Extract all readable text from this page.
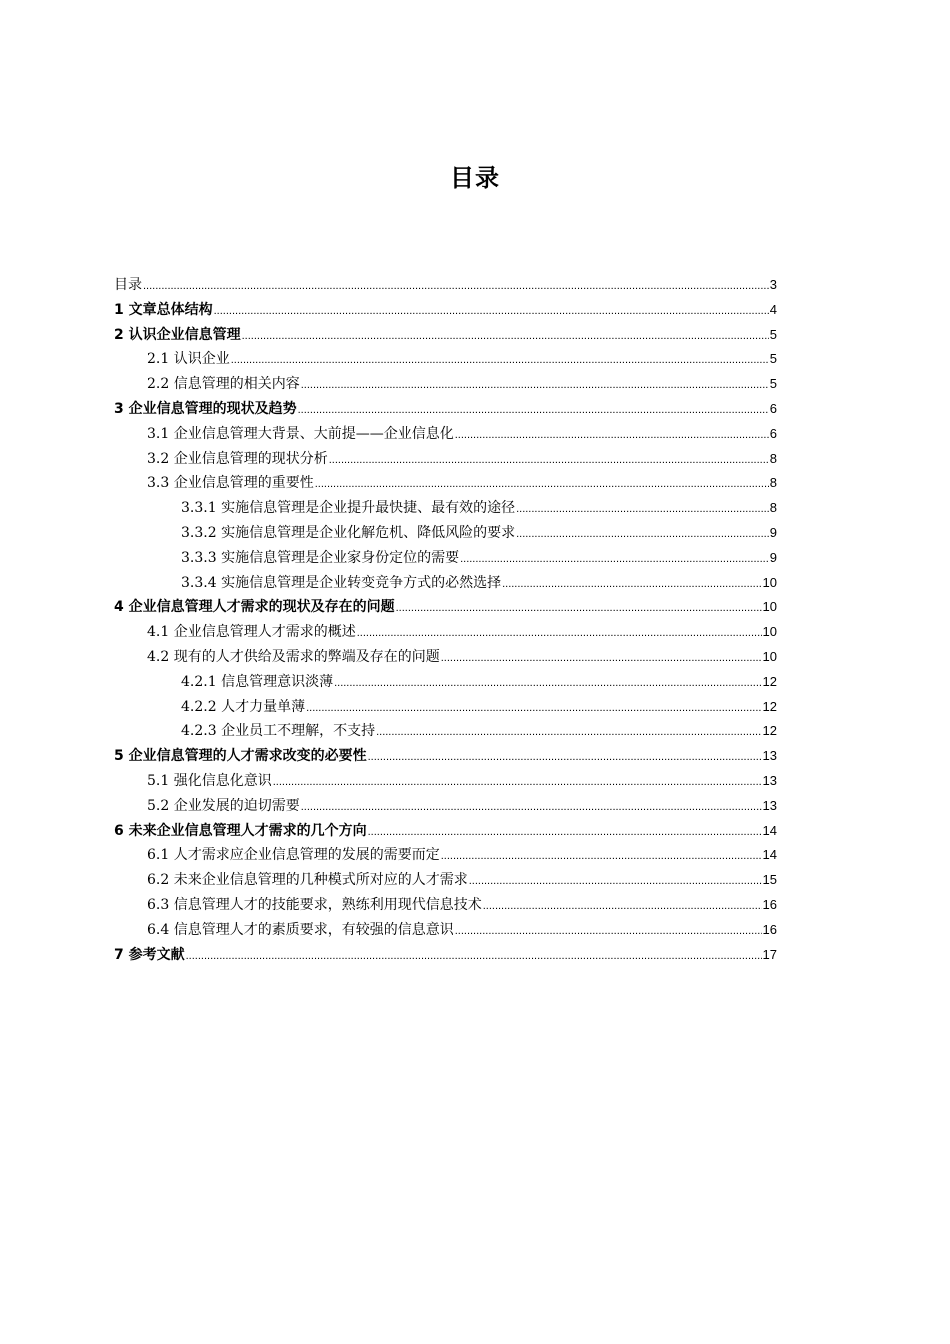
目录
目录 .....	3
1 文章总体结构 .....	4
2 认识企业信息管理 .....	5
2.1 认识企业 .....	5
2.2 信息管理的相关内容 .....	5
3 企业信息管理的现状及趋势 .....	6
3.1 企业信息管理大背景、大前提——企业信息化 .....	6
3.2 企业信息管理的现状分析 .....	8
3.3 企业信息管理的重要性 .....	8
3.3.1 实施信息管理是企业提升最快捷、最有效的途径 .....	8
3.3.2 实施信息管理是企业化解危机、降低风险的要求 .....	9
3.3.3 实施信息管理是企业家身份定位的需要 .....	9
3.3.4 实施信息管理是企业转变竞争方式的必然选择 .....	10
4 企业信息管理人才需求的现状及存在的问题 .....	10
4.1 企业信息管理人才需求的概述 .....	10
4.2 现有的人才供给及需求的弊端及存在的问题 .....	10
4.2.1 信息管理意识淡薄 .....	12
4.2.2 人才力量单薄 .....	12
4.2.3 企业员工不理解，不支持 .....	12
5 企业信息管理的人才需求改变的必要性 .....	13
5.1 强化信息化意识 .....	13
5.2 企业发展的迫切需要 .....	13
6 未来企业信息管理人才需求的几个方向 .....	14
6.1 人才需求应企业信息管理的发展的需要而定 .....	14
6.2 未来企业信息管理的几种模式所对应的人才需求 .....	15
6.3 信息管理人才的技能要求，熟练利用现代信息技术 .....	16
6.4 信息管理人才的素质要求，有较强的信息意识 .....	16
7 参考文献 .....	17
